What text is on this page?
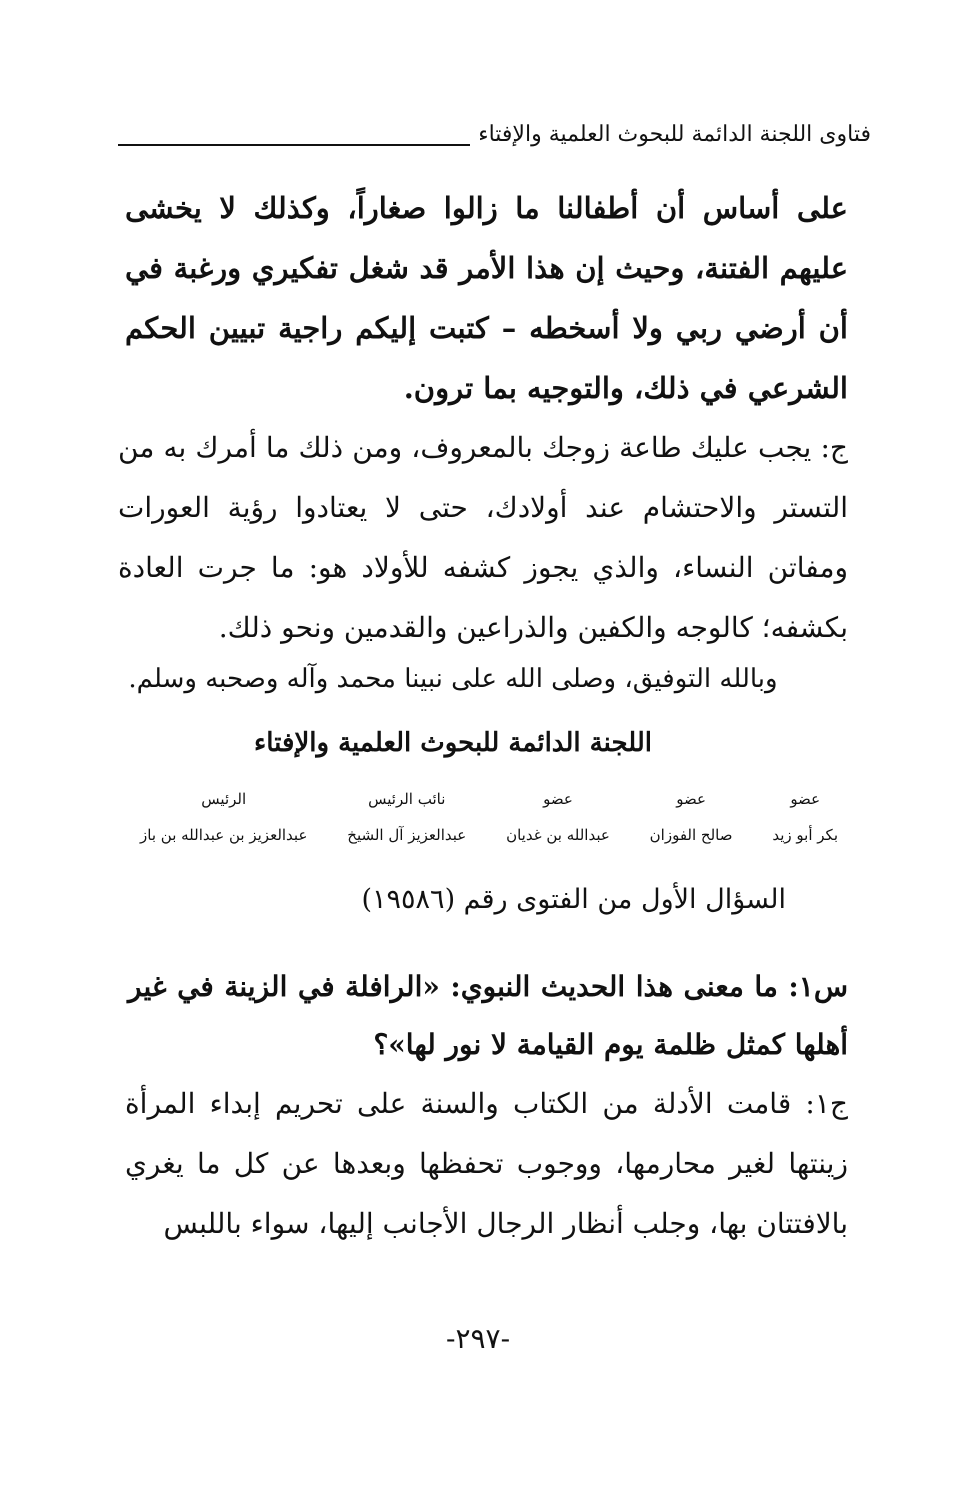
فتاوى اللجنة الدائمة للبحوث العلمية والإفتاء
على أساس أن أطفالنا ما زالوا صغاراً، وكذلك لا يخشى عليهم الفتنة، وحيث إن هذا الأمر قد شغل تفكيري ورغبة في أن أرضي ربي ولا أسخطه – كتبت إليكم راجية تبيين الحكم الشرعي في ذلك، والتوجيه بما ترون.
ج: يجب عليك طاعة زوجك بالمعروف، ومن ذلك ما أمرك به من التستر والاحتشام عند أولادك، حتى لا يعتادوا رؤية العورات ومفاتن النساء، والذي يجوز كشفه للأولاد هو: ما جرت العادة بكشفه؛ كالوجه والكفين والذراعين والقدمين ونحو ذلك.
وبالله التوفيق، وصلى الله على نبينا محمد وآله وصحبه وسلم.
اللجنة الدائمة للبحوث العلمية والإفتاء
عضو
بكر أبو زيد
عضو
صالح الفوزان
عضو
عبدالله بن غديان
نائب الرئيس
عبدالعزيز آل الشيخ
الرئيس
عبدالعزيز بن عبدالله بن باز
السؤال الأول من الفتوى رقم (١٩٥٨٦)
س١: ما معنى هذا الحديث النبوي: «الرافلة في الزينة في غير أهلها كمثل ظلمة يوم القيامة لا نور لها»؟
ج١: قامت الأدلة من الكتاب والسنة على تحريم إبداء المرأة زينتها لغير محارمها، ووجوب تحفظها وبعدها عن كل ما يغري بالافتتان بها، وجلب أنظار الرجال الأجانب إليها، سواء باللبس
-٢٩٧-
